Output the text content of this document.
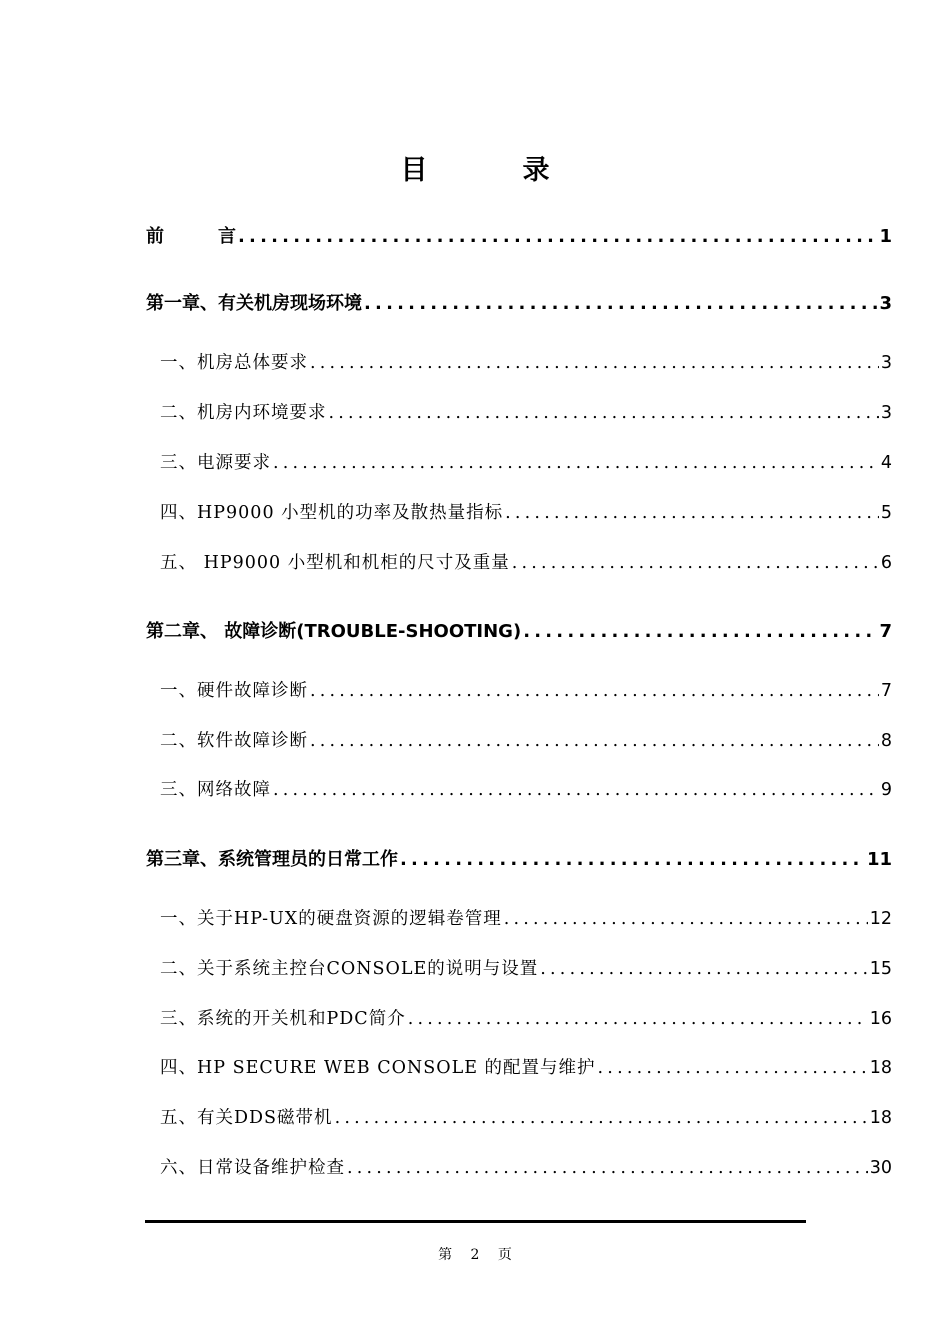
目　录
前　　　言 .....	1
第一章、有关机房现场环境 .....	3
一、机房总体要求 .....	3
二、机房内环境要求 .....	3
三、电源要求 .....	4
四、HP9000 小型机的功率及散热量指标 .....	5
五、 HP9000 小型机和机柜的尺寸及重量 .....	6
第二章、 故障诊断(TROUBLE-SHOOTING) .....	7
一、硬件故障诊断 .....	7
二、软件故障诊断 .....	8
三、网络故障 .....	9
第三章、系统管理员的日常工作 .....	11
一、关于HP-UX的硬盘资源的逻辑卷管理 .....	12
二、关于系统主控台CONSOLE的说明与设置 .....	15
三、系统的开关机和PDC简介 .....	16
四、HP SECURE WEB CONSOLE 的配置与维护 .....	18
五、有关DDS磁带机 .....	18
六、日常设备维护检查 .....	30
第 2 页
